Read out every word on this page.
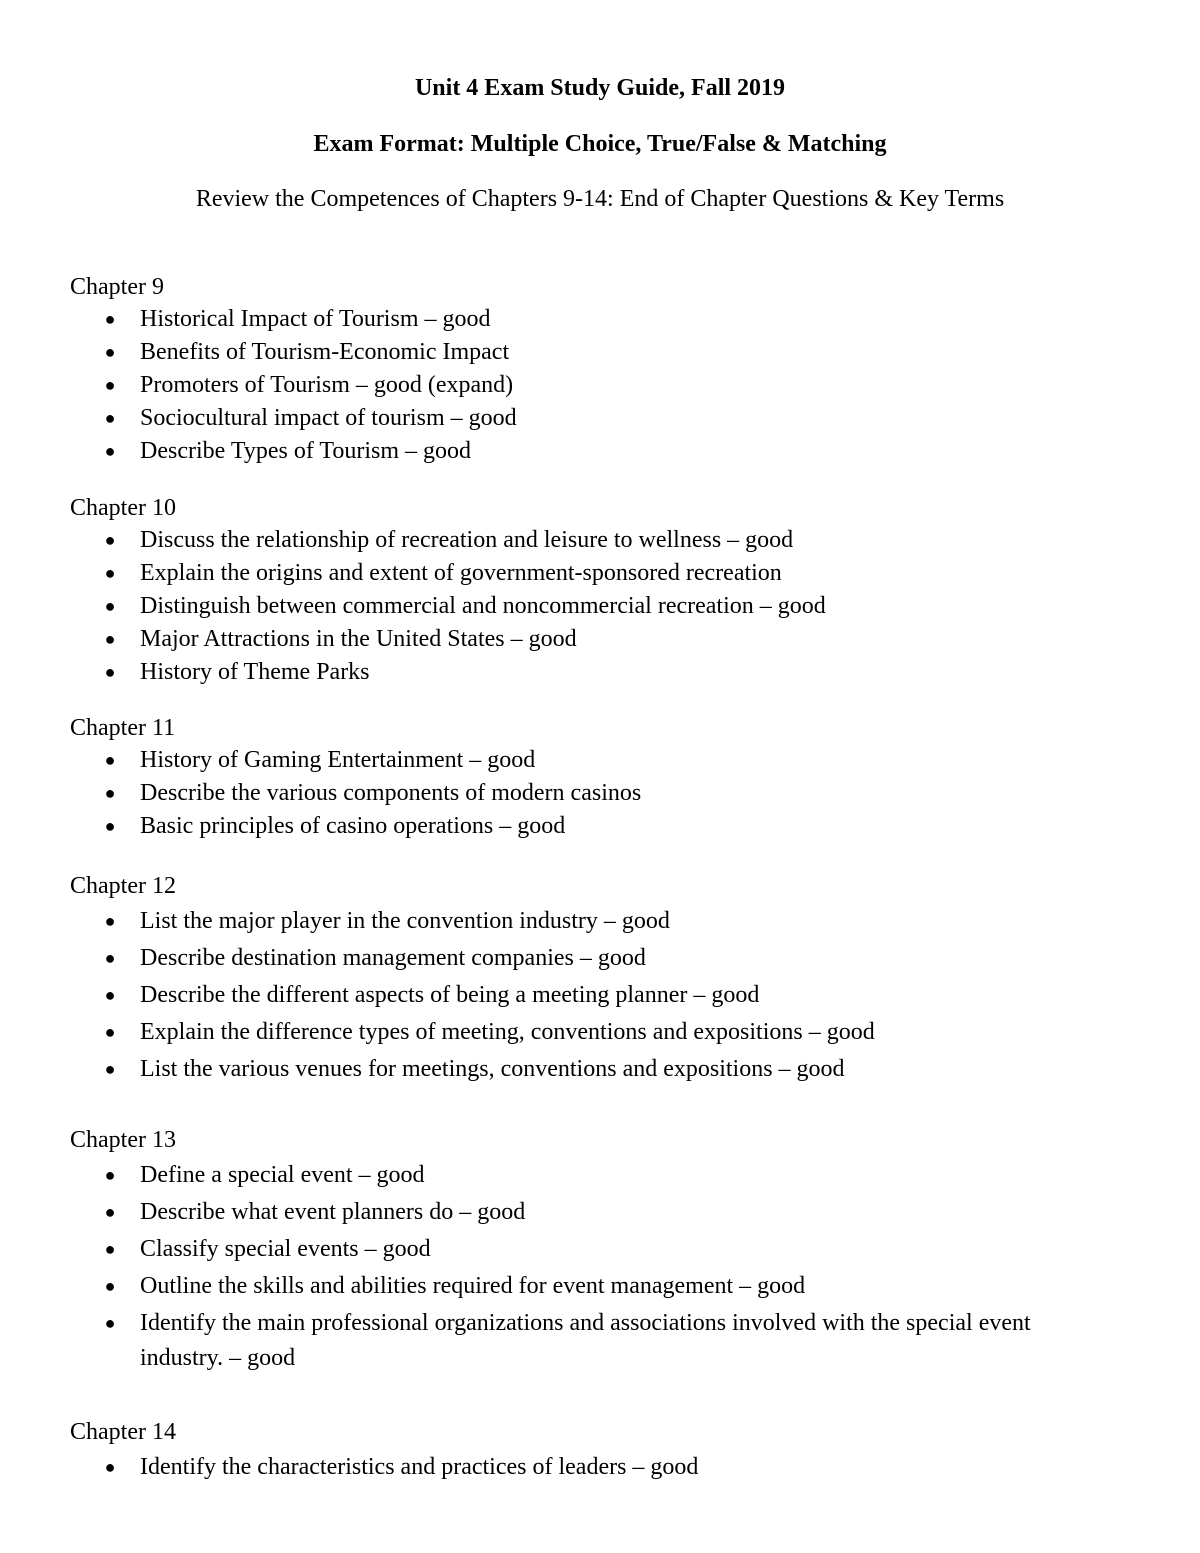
Unit 4 Exam Study Guide, Fall 2019
Exam Format: Multiple Choice, True/False & Matching
Review the Competences of Chapters 9-14: End of Chapter Questions & Key Terms

Chapter 9

● Historical Impact of Tourism – good
● Benefits of Tourism-Economic Impact
● Promoters of Tourism – good (expand)
● Sociocultural impact of tourism – good
● Describe Types of Tourism – good

Chapter 10

● Discuss the relationship of recreation and leisure to wellness – good
● Explain the origins and extent of government-sponsored recreation
● Distinguish between commercial and noncommercial recreation – good
● Major Attractions in the United States – good
● History of Theme Parks

Chapter 11

● History of Gaming Entertainment – good
● Describe the various components of modern casinos
● Basic principles of casino operations – good

Chapter 12

● List the major player in the convention industry – good
● Describe destination management companies – good
● Describe the different aspects of being a meeting planner – good
● Explain the difference types of meeting, conventions and expositions – good
● List the various venues for meetings, conventions and expositions – good

Chapter 13

● Define a special event – good
● Describe what event planners do – good
● Classify special events – good
● Outline the skills and abilities required for event management – good
● Identify the main professional organizations and associations involved with the special event industry. – good

Chapter 14

● Identify the characteristics and practices of leaders – good
